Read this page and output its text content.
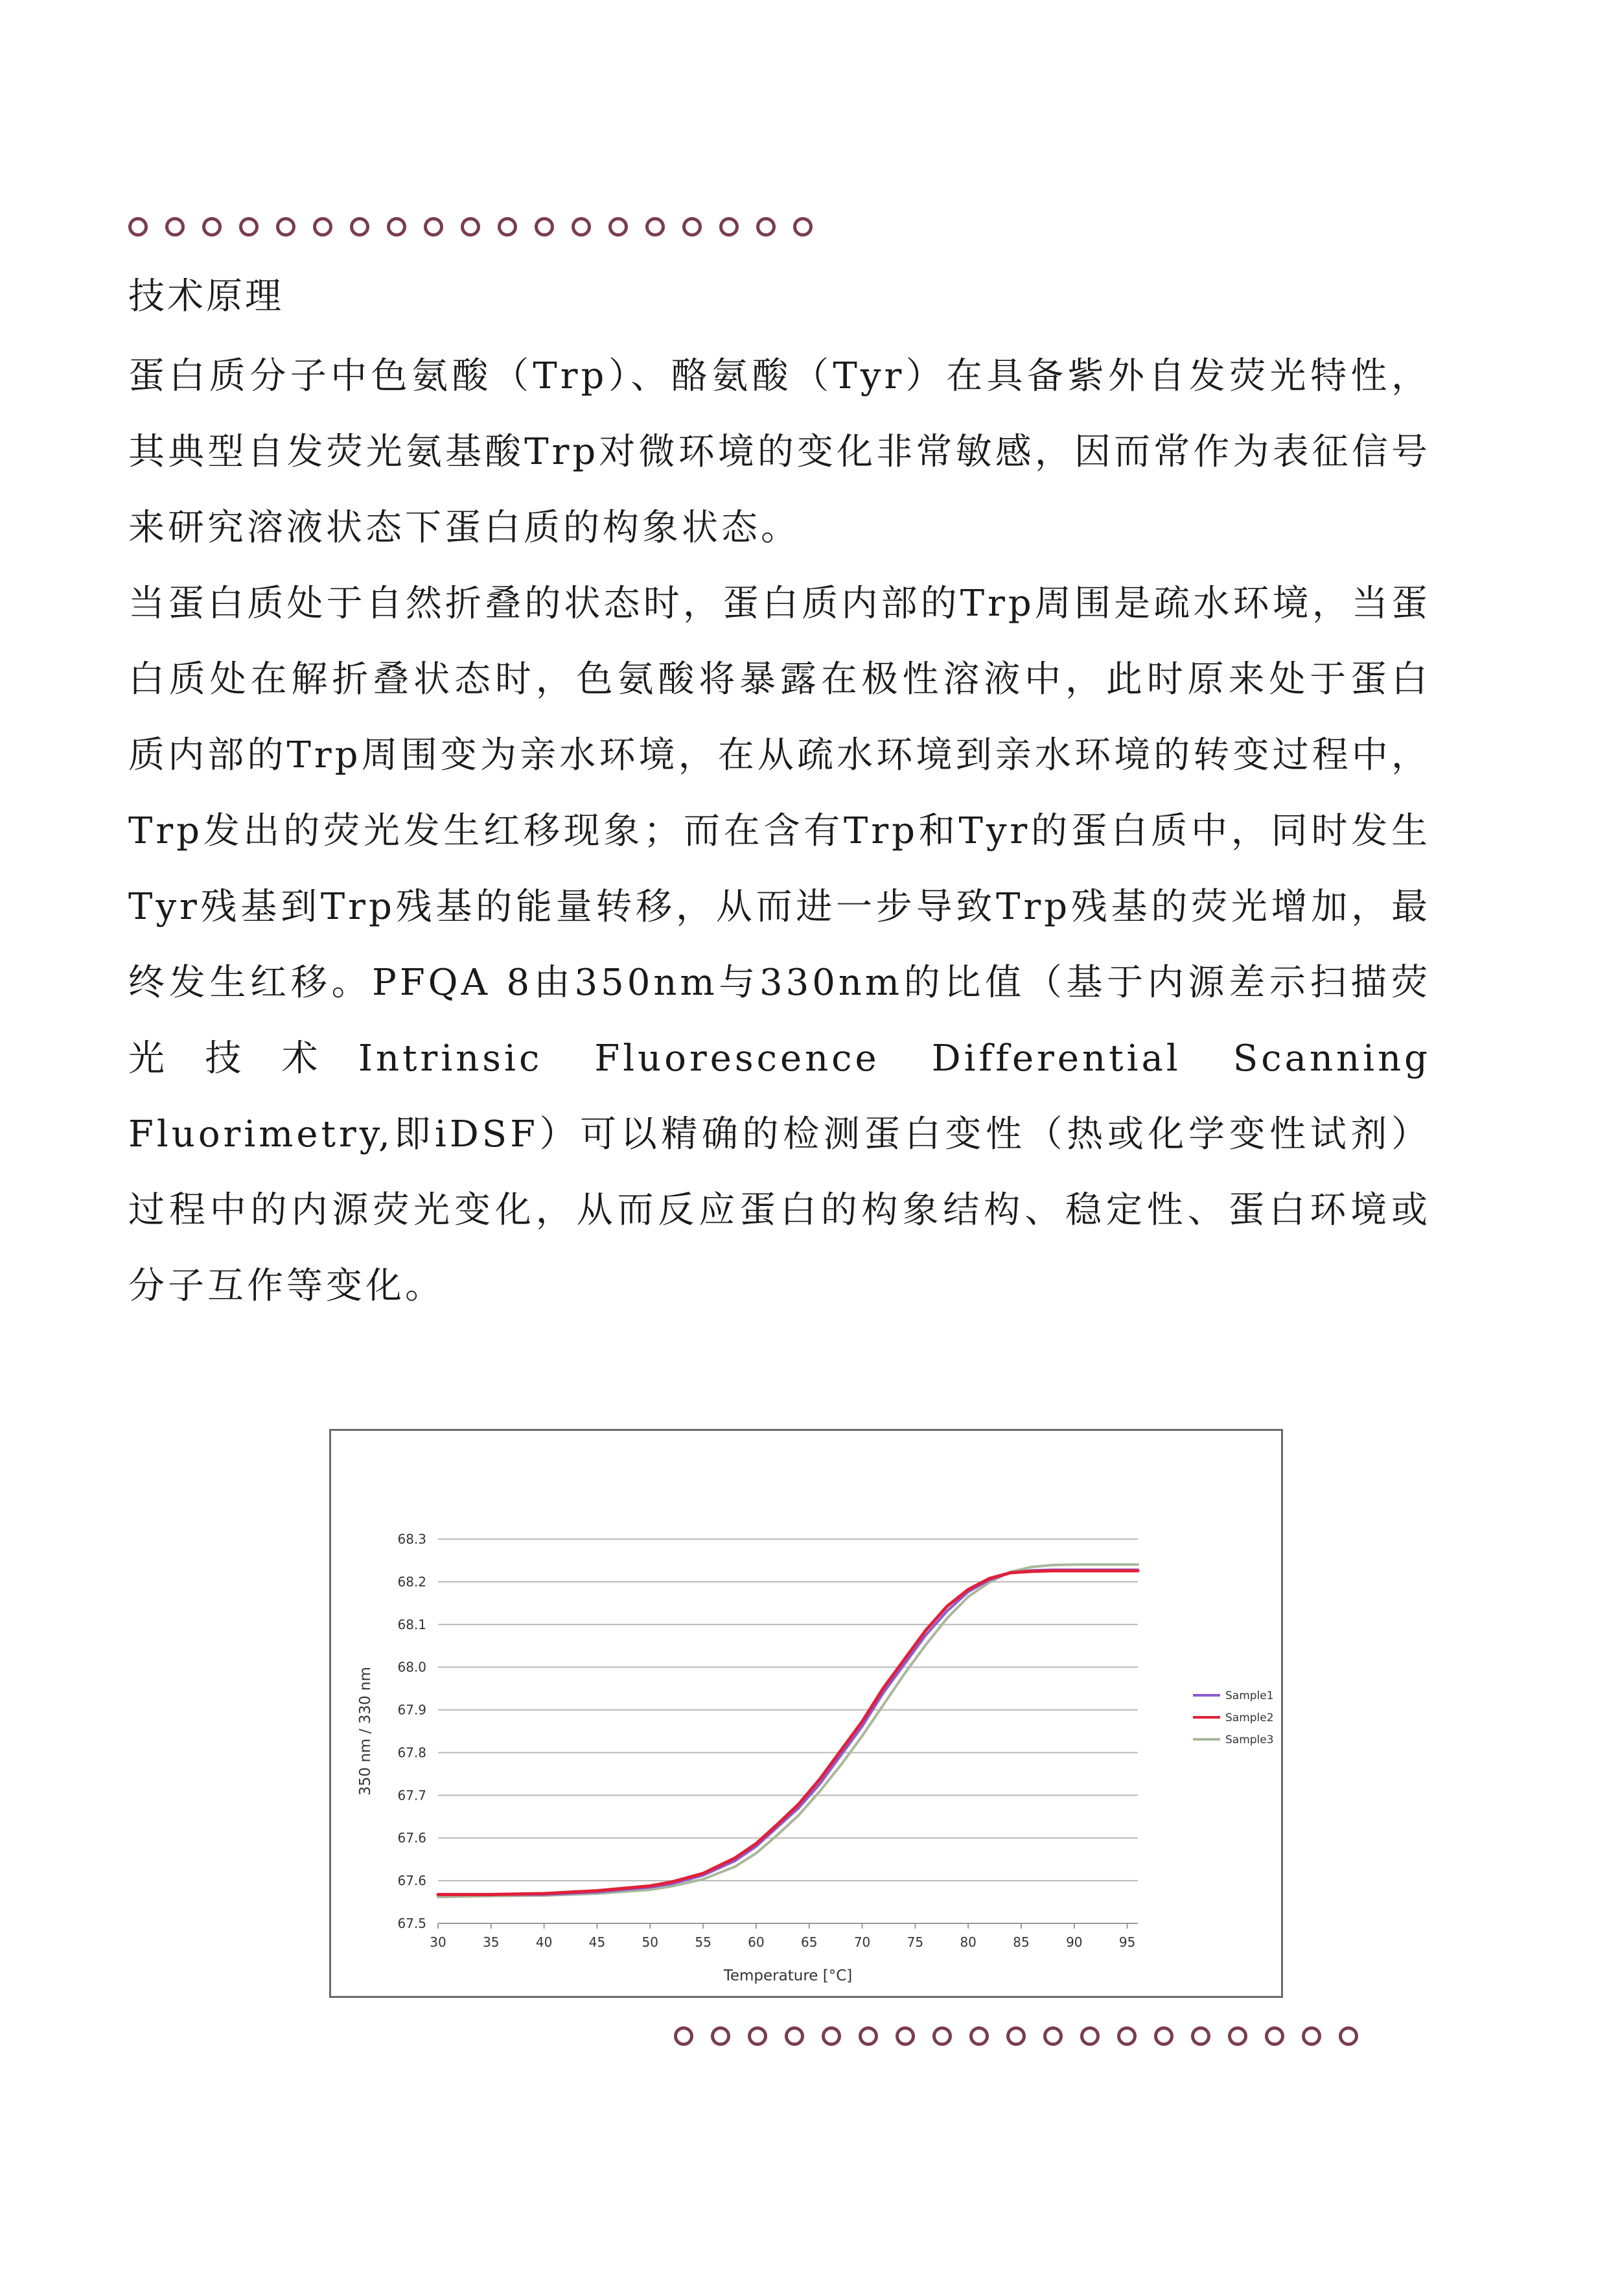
技术原理

蛋白质分子中色氨酸（Trp）、酪氨酸（Tyr）在具备紫外自发荧光特性，其典型自发荧光氨基酸Trp对微环境的变化非常敏感，因而常作为表征信号来研究溶液状态下蛋白质的构象状态。

当蛋白质处于自然折叠的状态时，蛋白质内部的Trp周围是疏水环境，当蛋白质处在解折叠状态时，色氨酸将暴露在极性溶液中，此时原来处于蛋白质内部的Trp周围变为亲水环境，在从疏水环境到亲水环境的转变过程中，Trp发出的荧光发生红移现象；而在含有Trp和Tyr的蛋白质中，同时发生Tyr残基到Trp残基的能量转移，从而进一步导致Trp残基的荧光增加，最终发生红移。PFQA 8由350nm与330nm的比值（基于内源差示扫描荧光技术Intrinsic Fluorescence Differential Scanning Fluorimetry,即iDSF）可以精确的检测蛋白变性（热或化学变性试剂）过程中的内源荧光变化，从而反应蛋白的构象结构、稳定性、蛋白环境或分子互作等变化。

67.5
67.6
67.6
67.7
67.8
67.9
68.0
68.1
68.2
68.3
30	35	40	45	50	55	60	65	70	75	80	85	90	95
Temperature [°C]
350 nm / 330 nm	Sample1
Sample2
Sample3
